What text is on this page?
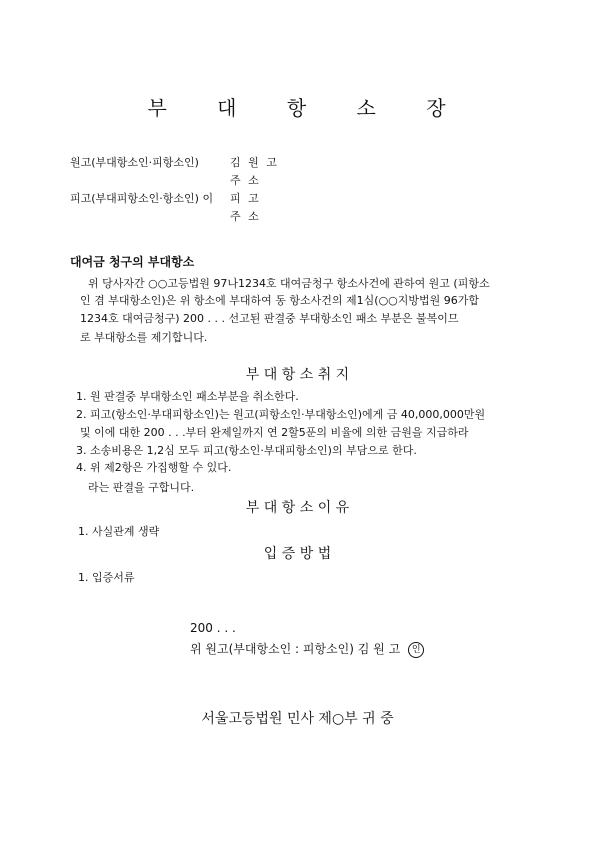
부 대 항 소 장
원고(부대항소인·피항소인)	김 원 고
주 소
피고(부대피항소인·항소인) 이 피 고
주 소
대여금 청구의 부대항소
위 당사자간 ○○고등법원 97나1234호 대여금청구 항소사건에 관하여 원고 (피항소
인 겸 부대항소인)은 위 항소에 부대하여 동 항소사건의 제1심(○○지방법원 96가합
1234호 대여금청구) 200 . . . 선고된 판결중 부대항소인 패소 부분은 불복이므
로 부대항소를 제기합니다.
부 대 항 소 취 지
1. 원 판결중 부대항소인 패소부분을 취소한다.
2. 피고(항소인·부대피항소인)는 원고(피항소인·부대항소인)에게 금 40,000,000만원
및 이에 대한 200 . . .부터 완제일까지 연 2할5푼의 비율에 의한 금원을 지급하라
3. 소송비용은 1,2심 모두 피고(항소인·부대피항소인)의 부담으로 한다.
4. 위 제2항은 가집행할 수 있다.
라는 판결을 구합니다.
부 대 항 소 이 유
1. 사실관계 생략
입 증 방 법
1. 입증서류
200 . . .
위 원고(부대항소인 : 피항소인) 김 원 고 인
서울고등법원 민사 제○부 귀 중
